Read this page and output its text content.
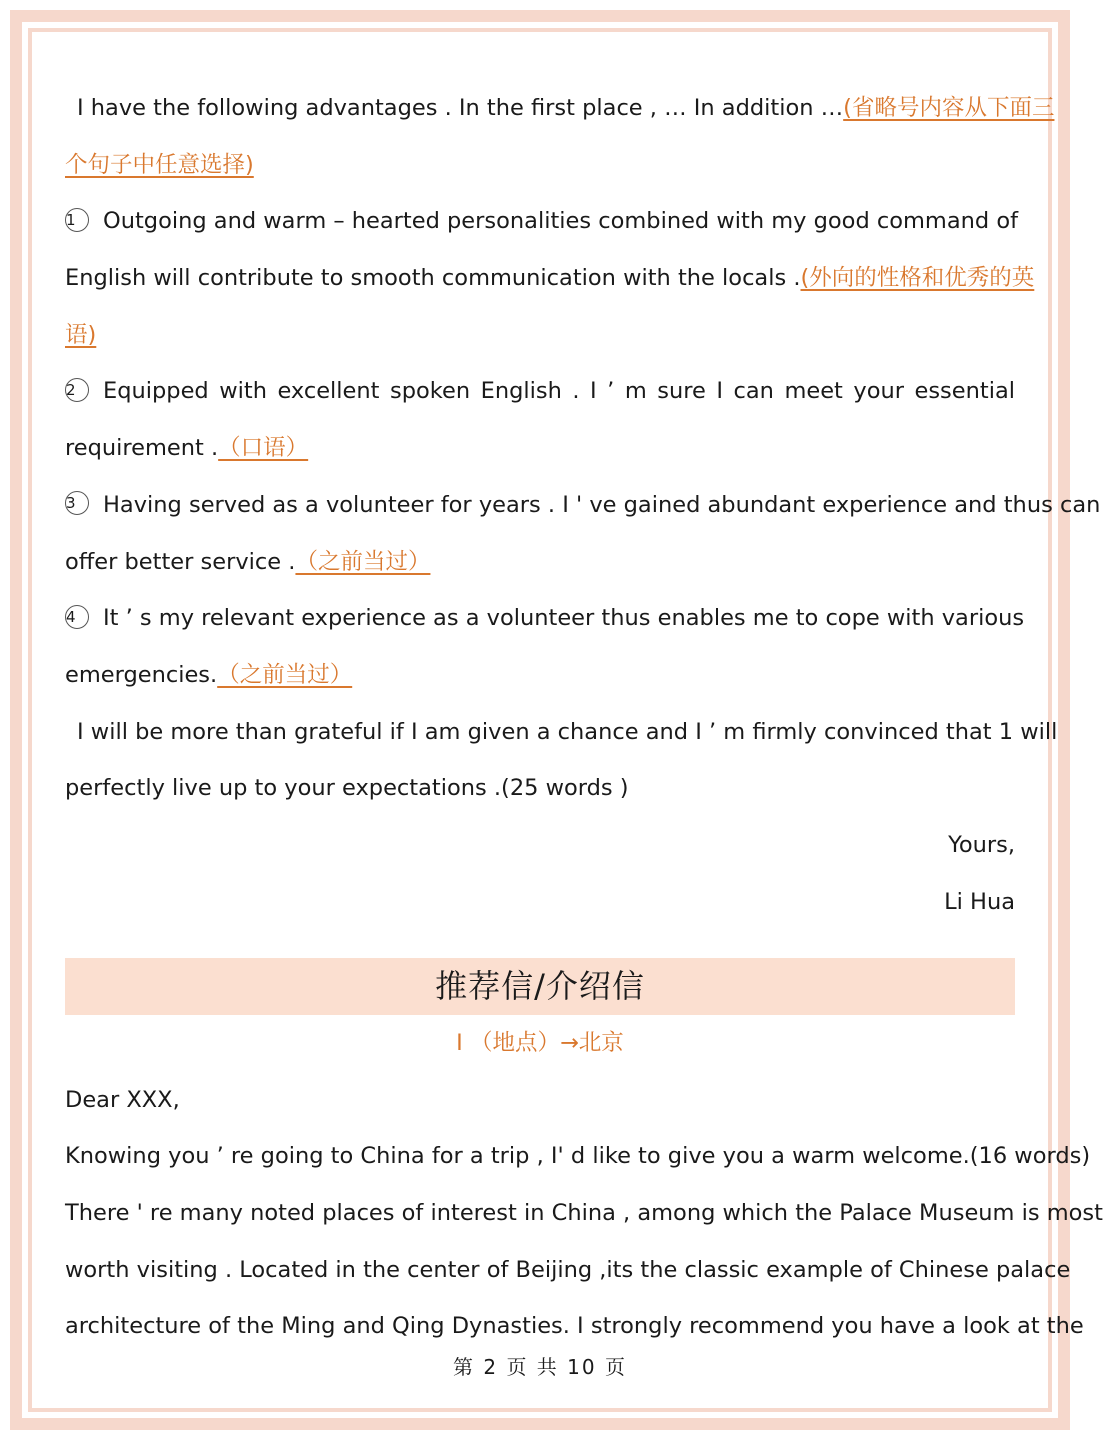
I have the following advantages . In the first place , … In addition …(省略号内容从下面三
个句子中任意选择)
1 Outgoing and warm – hearted personalities combined with my good command of
English will contribute to smooth communication with the locals .(外向的性格和优秀的英
语)
2 Equipped with excellent spoken English . I ’ m sure I can meet your essential
requirement .（口语）
3 Having served as a volunteer for years . I ' ve gained abundant experience and thus can
offer better service .（之前当过）
4 It ’ s my relevant experience as a volunteer thus enables me to cope with various
emergencies.（之前当过）
I will be more than grateful if I am given a chance and I ’ m firmly convinced that 1 will
perfectly live up to your expectations .(25 words )
Yours,
Li Hua
推荐信/介绍信
I （地点）→北京
Dear XXX,
Knowing you ’ re going to China for a trip , I' d like to give you a warm welcome.(16 words)
There ' re many noted places of interest in China , among which the Palace Museum is most
worth visiting . Located in the center of Beijing ,its the classic example of Chinese palace
architecture of the Ming and Qing Dynasties. I strongly recommend you have a look at the
第 2 页 共 10 页
